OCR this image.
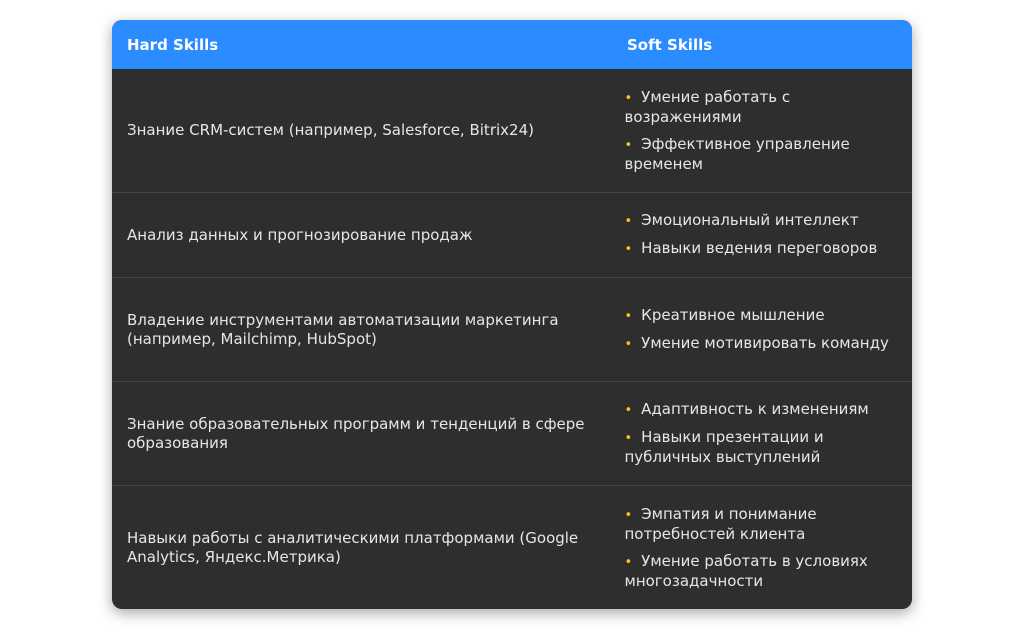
Hard Skills	Soft Skills
Знание CRM-систем (например, Salesforce, Bitrix24)
• Умение работать с возражениями
• Эффективное управление временем
Анализ данных и прогнозирование продаж
• Эмоциональный интеллект
• Навыки ведения переговоров
Владение инструментами автоматизации маркетинга (например, Mailchimp, HubSpot)
• Креативное мышление
• Умение мотивировать команду
Знание образовательных программ и тенденций в сфере образования
• Адаптивность к изменениям
• Навыки презентации и публичных выступлений
Навыки работы с аналитическими платформами (Google Analytics, Яндекс.Метрика)
• Эмпатия и понимание потребностей клиента
• Умение работать в условиях многозадачности
